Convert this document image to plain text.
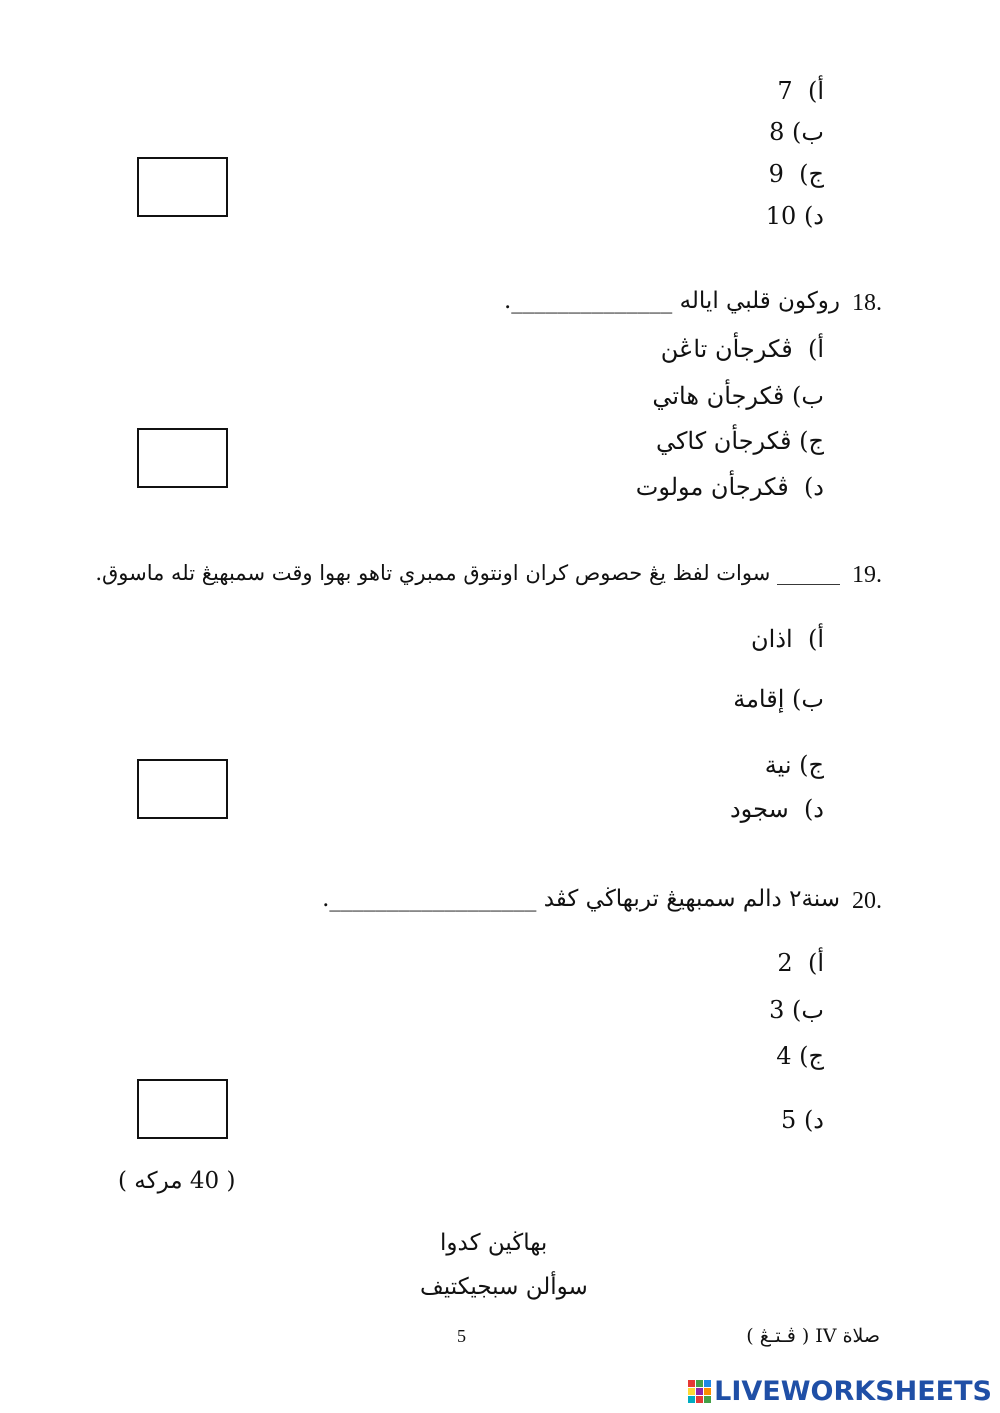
أ)  7
ب) 8
ج)  9
د) 10
18.
روكون قلبي اياله ______________.
أ)  ڤكرجأن تاڠن
ب) ڤكرجأن هاتي
ج) ڤكرجأن كاكي
د)  ڤكرجأن مولوت
19.
______ سوات لفظ يڠ حصوص كران اونتوق ممبري تاهو بهوا وقت سمبهيڠ تله ماسوق.
أ)  اذان
ب) إقامة
ج) نية
د)  سجود
20.
سنة٢ دالم سمبهيڠ تربهاڬي كڤد __________________.
أ)  2
ب) 3
ج) 4
د) 5
( 40 مركه )
بهاڬين كدوا
سوألن سبجيكتيف
5	صلاة IV ( ڤـتـڠ )
LIVEWORKSHEETS
